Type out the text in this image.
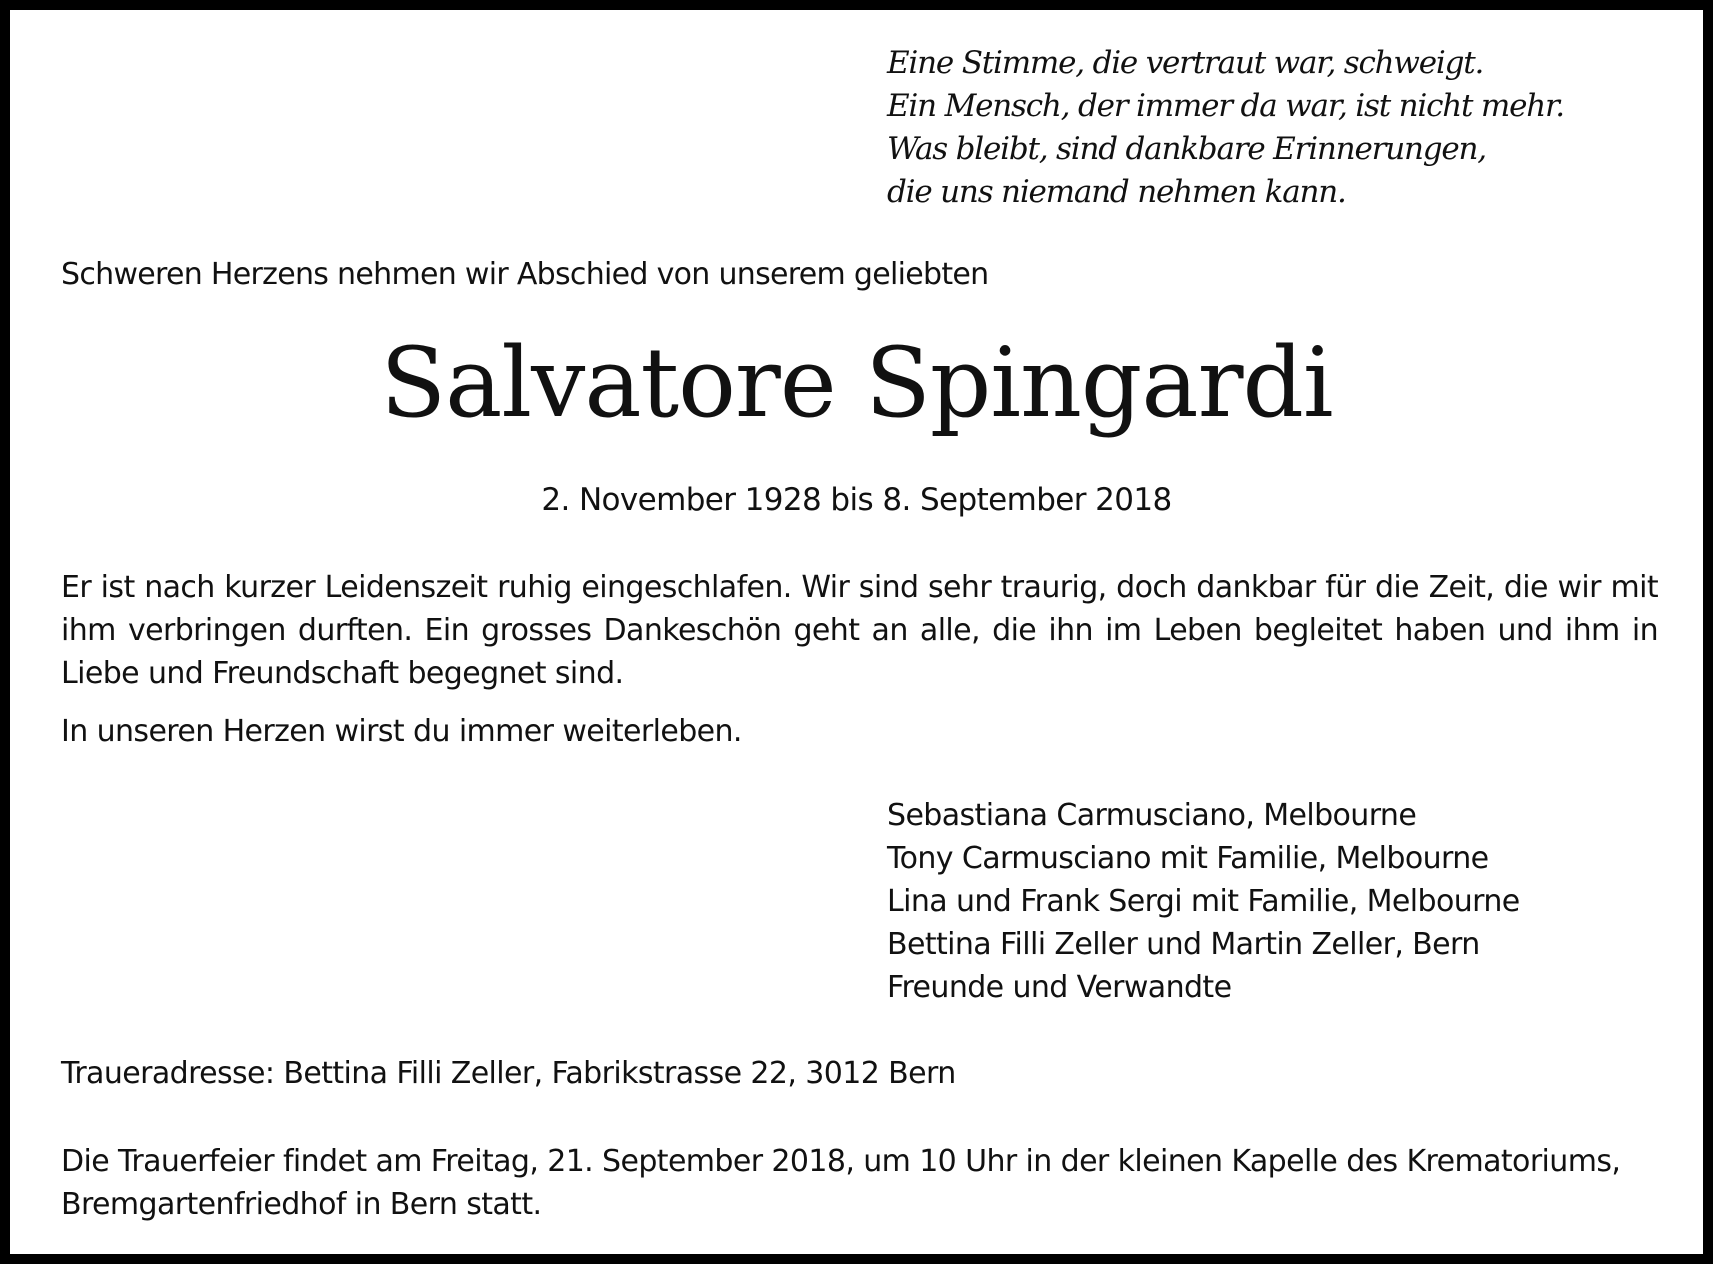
Eine Stimme, die vertraut war, schweigt.
Ein Mensch, der immer da war, ist nicht mehr.
Was bleibt, sind dankbare Erinnerungen,
die uns niemand nehmen kann.

Schweren Herzens nehmen wir Abschied von unserem geliebten

Salvatore Spingardi

2. November 1928 bis 8. September 2018

Er ist nach kurzer Leidenszeit ruhig eingeschlafen. Wir sind sehr traurig, doch dankbar für die Zeit, die wir mit ihm verbringen durften. Ein grosses Dankeschön geht an alle, die ihn im Leben begleitet haben und ihm in Liebe und Freundschaft begegnet sind.

In unseren Herzen wirst du immer weiterleben.

Sebastiana Carmusciano, Melbourne
Tony Carmusciano mit Familie, Melbourne
Lina und Frank Sergi mit Familie, Melbourne
Bettina Filli Zeller und Martin Zeller, Bern
Freunde und Verwandte

Traueradresse: Bettina Filli Zeller, Fabrikstrasse 22, 3012 Bern

Die Trauerfeier findet am Freitag, 21. September 2018, um 10 Uhr in der kleinen Kapelle des Krematoriums, Bremgartenfriedhof in Bern statt.
